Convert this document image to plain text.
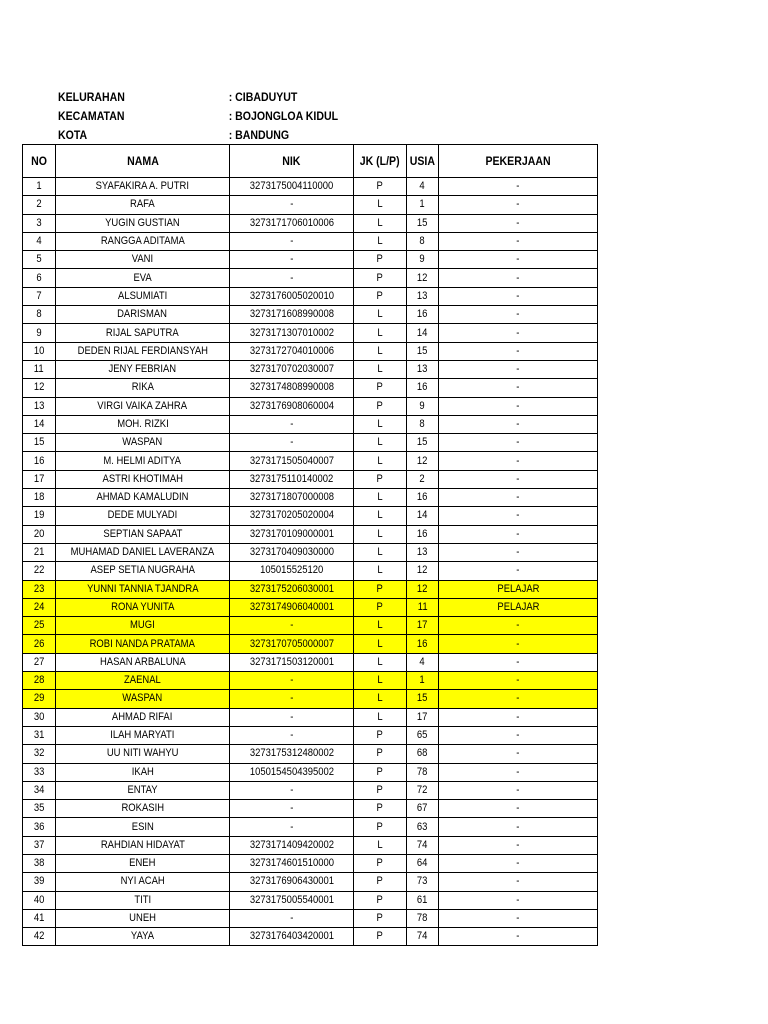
KELURAHAN	: CIBADUYUT
KECAMATAN	: BOJONGLOA KIDUL
KOTA	: BANDUNG
NO	NAMA	NIK	JK (L/P)	USIA	PEKERJAAN
1	SYAFAKIRA A. PUTRI	3273175004110000	P	4	-
2	RAFA	-	L	1	-
3	YUGIN GUSTIAN	3273171706010006	L	15	-
4	RANGGA ADITAMA	-	L	8	-
5	VANI	-	P	9	-
6	EVA	-	P	12	-
7	ALSUMIATI	3273176005020010	P	13	-
8	DARISMAN	3273171608990008	L	16	-
9	RIJAL SAPUTRA	3273171307010002	L	14	-
10	DEDEN RIJAL FERDIANSYAH	3273172704010006	L	15	-
11	JENY FEBRIAN	3273170702030007	L	13	-
12	RIKA	3273174808990008	P	16	-
13	VIRGI VAIKA ZAHRA	3273176908060004	P	9	-
14	MOH. RIZKI	-	L	8	-
15	WASPAN	-	L	15	-
16	M. HELMI ADITYA	3273171505040007	L	12	-
17	ASTRI KHOTIMAH	3273175110140002	P	2	-
18	AHMAD KAMALUDIN	3273171807000008	L	16	-
19	DEDE MULYADI	3273170205020004	L	14	-
20	SEPTIAN SAPAAT	3273170109000001	L	16	-
21	MUHAMAD DANIEL LAVERANZA	3273170409030000	L	13	-
22	ASEP SETIA NUGRAHA	105015525120	L	12	-
23	YUNNI TANNIA TJANDRA	3273175206030001	P	12	PELAJAR
24	RONA YUNITA	3273174906040001	P	11	PELAJAR
25	MUGI	-	L	17	-
26	ROBI NANDA PRATAMA	3273170705000007	L	16	-
27	HASAN ARBALUNA	3273171503120001	L	4	-
28	ZAENAL	-	L	1	-
29	WASPAN	-	L	15	-
30	AHMAD RIFAI	-	L	17	-
31	ILAH MARYATI	-	P	65	-
32	UU NITI WAHYU	3273175312480002	P	68	-
33	IKAH	1050154504395002	P	78	-
34	ENTAY	-	P	72	-
35	ROKASIH	-	P	67	-
36	ESIN	-	P	63	-
37	RAHDIAN HIDAYAT	3273171409420002	L	74	-
38	ENEH	3273174601510000	P	64	-
39	NYI ACAH	3273176906430001	P	73	-
40	TITI	3273175005540001	P	61	-
41	UNEH	-	P	78	-
42	YAYA	3273176403420001	P	74	-
